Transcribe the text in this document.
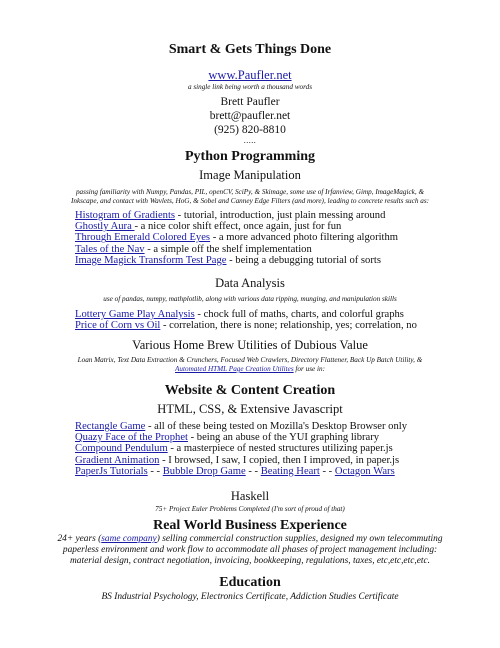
Smart & Gets Things Done
www.Paufler.net
a single link being worth a thousand words
Brett Paufler
brett@paufler.net
(925) 820-8810
.....
Python Programming
Image Manipulation
passing familiarity with Numpy, Pandas, PIL, openCV, SciPy, & Skimage, some use of Irfanview, Gimp, ImageMagick, &
Inkscape, and contact with Wavlets, HoG, & Sobel and Canney Edge Filters (and more), leading to concrete results such as:
Histogram of Gradients - tutorial, introduction, just plain messing around
Ghostly Aura - a nice color shift effect, once again, just for fun
Through Emerald Colored Eyes - a more advanced photo filtering algorithm
Tales of the Nav - a simple off the shelf implementation
Image Magick Transform Test Page - being a debugging tutorial of sorts
Data Analysis
use of pandas, numpy, mathplotlib, along with various data ripping, munging, and manipulation skills
Lottery Game Play Analysis - chock full of maths, charts, and colorful graphs
Price of Corn vs Oil - correlation, there is none; relationship, yes; correlation, no
Various Home Brew Utilities of Dubious Value
Loan Matrix, Text Data Extraction & Crunchers, Focused Web Crawlers, Directory Flattener, Back Up Batch Utility, &
Automated HTML Page Creation Utilites for use in:
Website & Content Creation
HTML, CSS, & Extensive Javascript
Rectangle Game - all of these being tested on Mozilla's Desktop Browser only
Quazy Face of the Prophet - being an abuse of the YUI graphing library
Compound Pendulum - a masterpiece of nested structures utilizing paper.js
Gradient Animation - I browsed, I saw, I copied, then I improved, in paper.js
PaperJs Tutorials - - Bubble Drop Game - - Beating Heart - - Octagon Wars
Haskell
75+ Project Euler Problems Completed (I'm sort of proud of that)
Real World Business Experience
24+ years (same company) selling commercial construction supplies, designed my own telecommuting
paperless environment and work flow to accommodate all phases of project management including:
material design, contract negotiation, invoicing, bookkeeping, regulations, taxes, etc,etc,etc,etc.
Education
BS Industrial Psychology, Electronics Certificate, Addiction Studies Certificate
